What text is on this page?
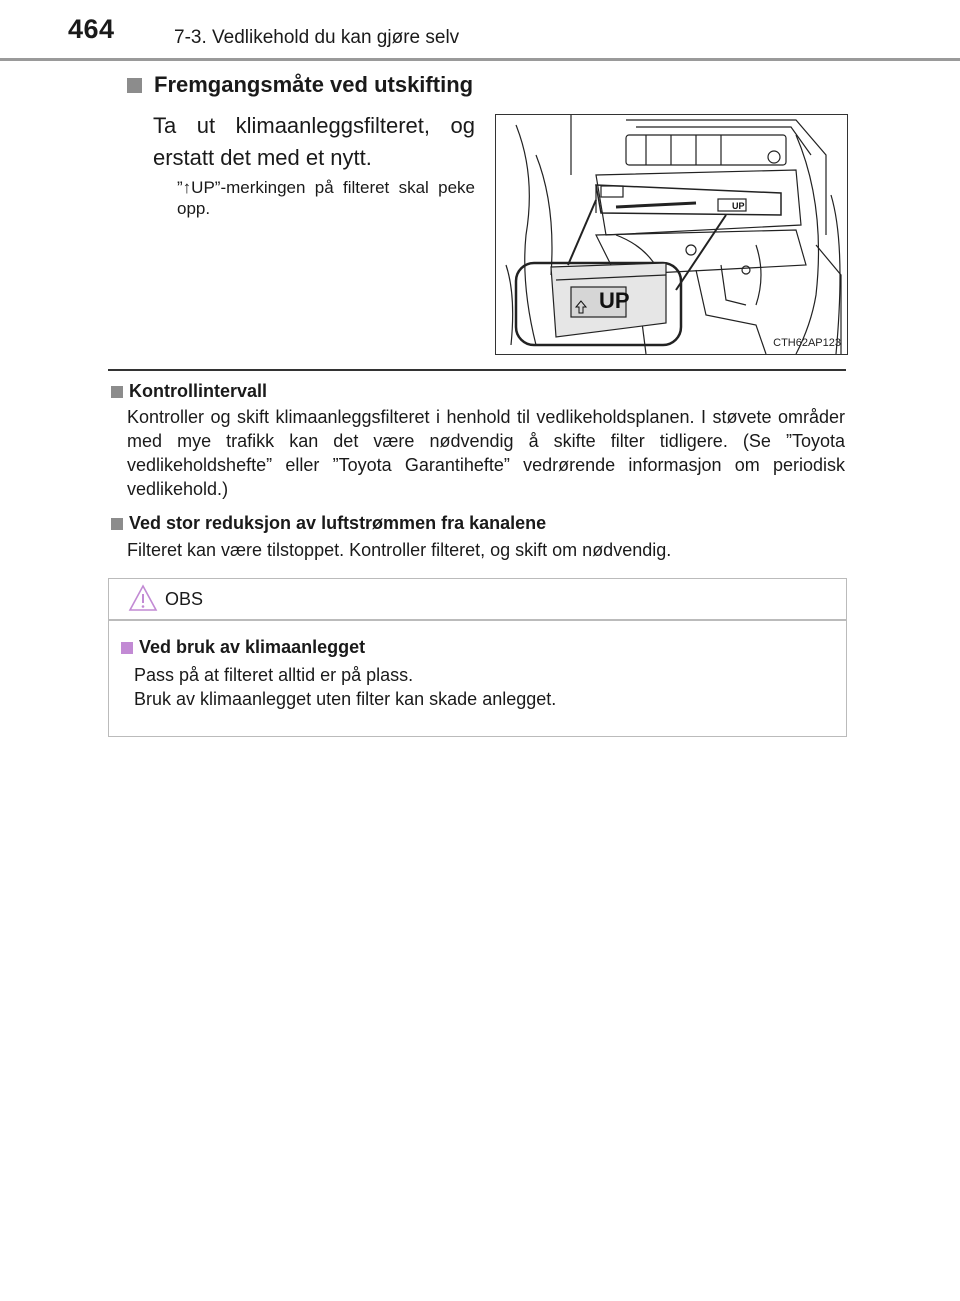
464	7-3. Vedlikehold du kan gjøre selv
Fremgangsmåte ved utskifting
Ta ut klimaanleggsfilteret, og erstatt det med et nytt.
”↑UP”-merkingen på filteret skal peke opp.
UP
UP
CTH62AP123
Kontrollintervall
Kontroller og skift klimaanleggsfilteret i henhold til vedlikeholdsplanen. I støvete områder med mye trafikk kan det være nødvendig å skifte filter tidligere. (Se ”Toyota vedlikeholdshefte” eller ”Toyota Garantihefte” vedrørende informasjon om periodisk vedlikehold.)
Ved stor reduksjon av luftstrømmen fra kanalene
Filteret kan være tilstoppet. Kontroller filteret, og skift om nødvendig.
OBS
Ved bruk av klimaanlegget
Pass på at filteret alltid er på plass.
Bruk av klimaanlegget uten filter kan skade anlegget.
